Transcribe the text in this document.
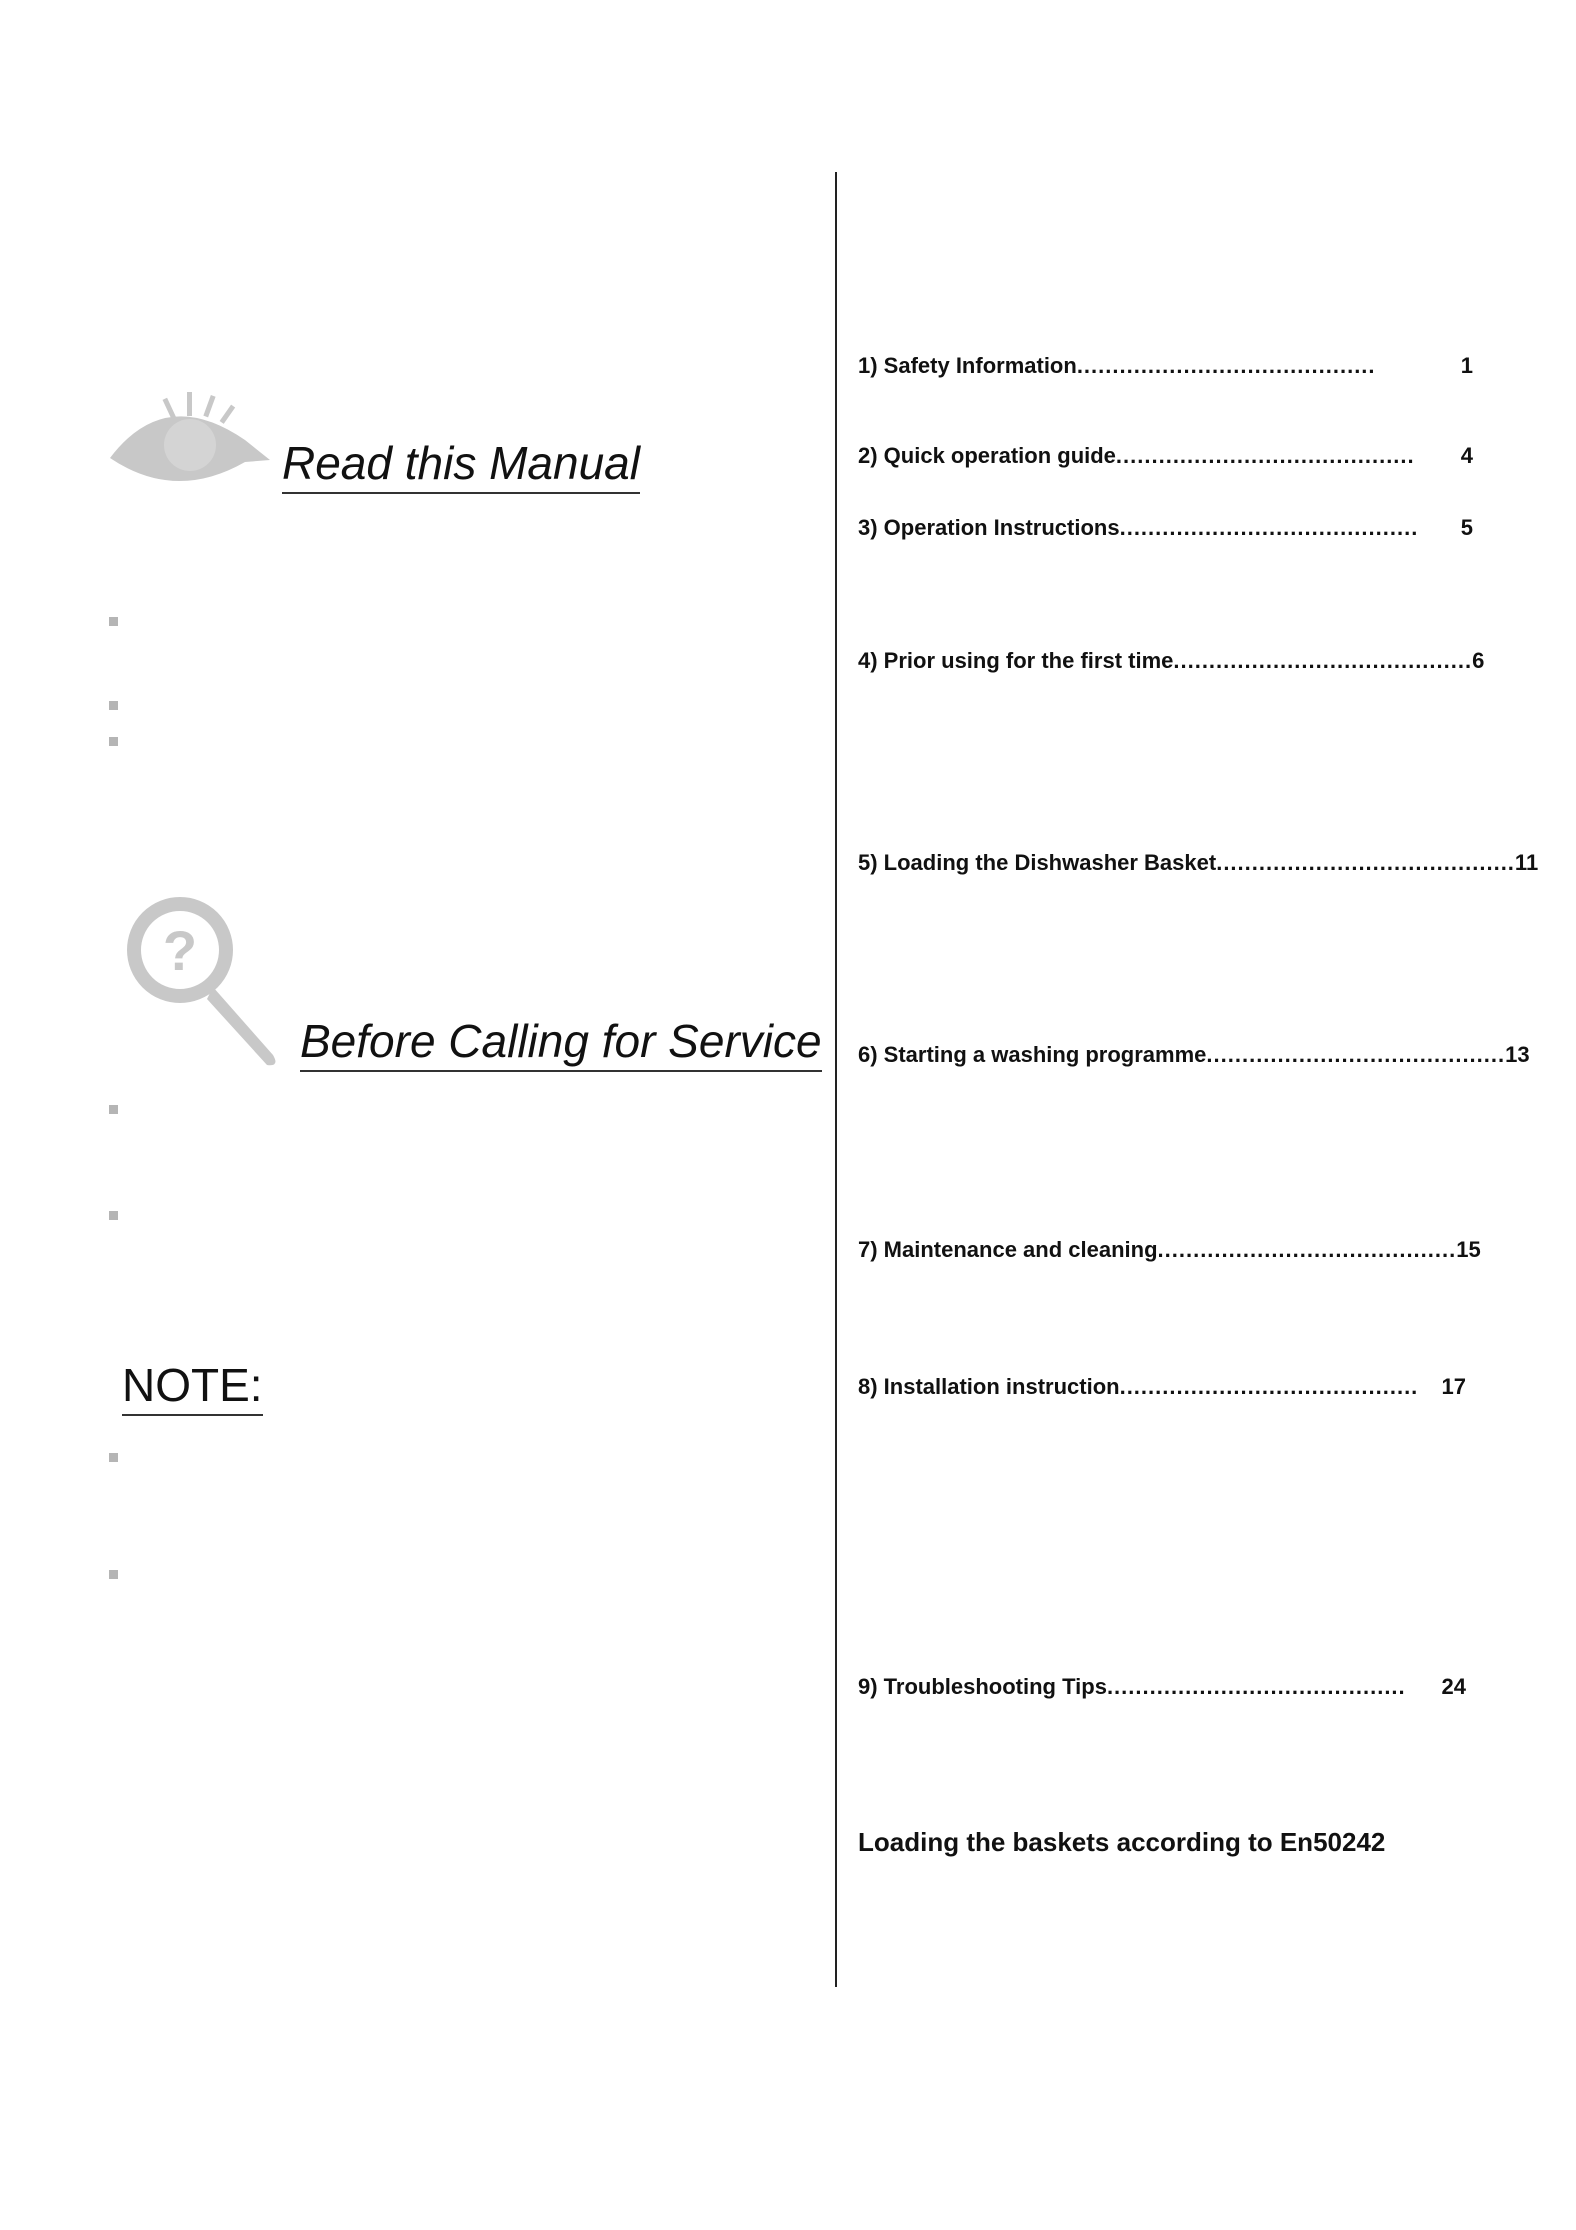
Read this Manual
?
Before Calling for Service
NOTE:
1) Safety Information ..........................................	1
2) Quick operation guide ..........................................	4
3) Operation Instructions ..........................................	5
4) Prior using for the first time .......................................... 6
5) Loading the Dishwasher Basket .......................................... 11
6) Starting a washing programme .......................................... 13
7) Maintenance and cleaning .......................................... 15
8) Installation instruction ..........................................	17
9) Troubleshooting Tips ..........................................	24
Loading the baskets according to En50242
